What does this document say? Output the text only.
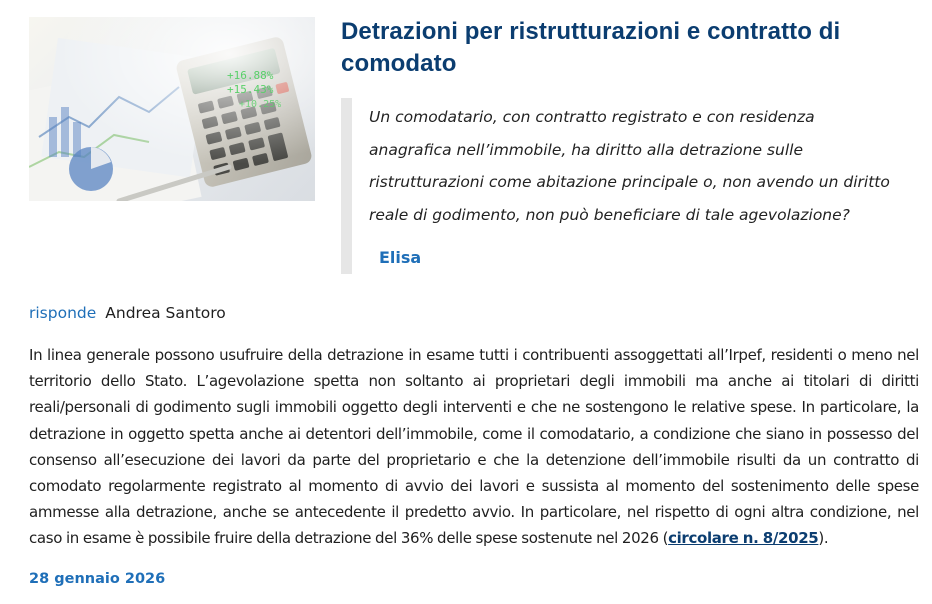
+16.88%
+15.43%
+10.25%
Detrazioni per ristrutturazioni e contratto di comodato

Un comodatario, con contratto registrato e con residenza anagrafica nell’immobile, ha diritto alla detrazione sulle ristrutturazioni come abitazione principale o, non avendo un diritto reale di godimento, non può beneficiare di tale agevolazione?

Elisa
risponde Andrea Santoro

In linea generale possono usufruire della detrazione in esame tutti i contribuenti assoggettati all’Irpef, residenti o meno nel territorio dello Stato. L’agevolazione spetta non soltanto ai proprietari degli immobili ma anche ai titolari di diritti reali/personali di godimento sugli immobili oggetto degli interventi e che ne sostengono le relative spese. In particolare, la detrazione in oggetto spetta anche ai detentori dell’immobile, come il comodatario, a condizione che siano in possesso del consenso all’esecuzione dei lavori da parte del proprietario e che la detenzione dell’immobile risulti da un contratto di comodato regolarmente registrato al momento di avvio dei lavori e sussista al momento del sostenimento delle spese ammesse alla detrazione, anche se antecedente il predetto avvio. In particolare, nel rispetto di ogni altra condizione, nel caso in esame è possibile fruire della detrazione del 36% delle spese sostenute nel 2026 (circolare n. 8/2025).

28 gennaio 2026
